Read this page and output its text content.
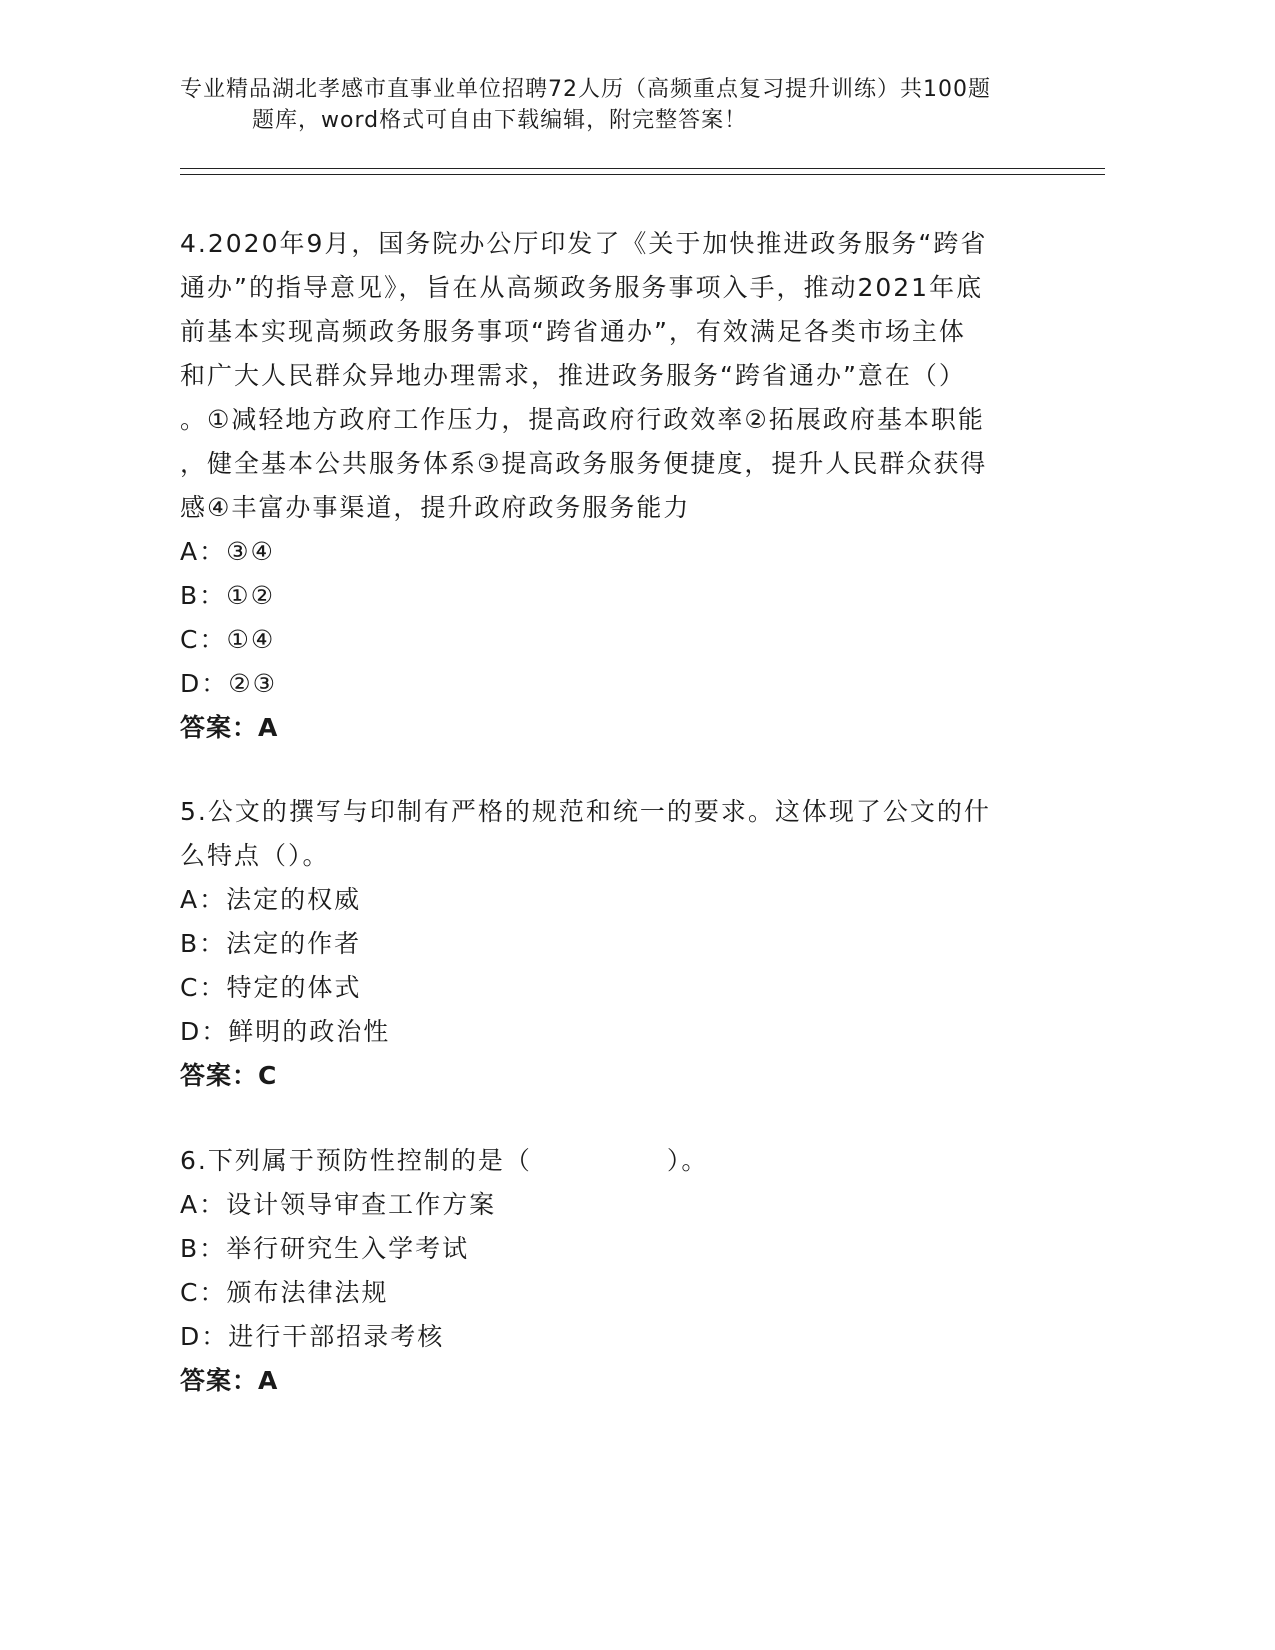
专业精品湖北孝感市直事业单位招聘72人历（高频重点复习提升训练）共100题
题库，word格式可自由下载编辑，附完整答案！

4.2020年9月，国务院办公厅印发了《关于加快推进政务服务“跨省

通办”的指导意见》，旨在从高频政务服务事项入手，推动2021年底

前基本实现高频政务服务事项“跨省通办”，有效满足各类市场主体

和广大人民群众异地办理需求，推进政务服务“跨省通办”意在（）

。①减轻地方政府工作压力，提高政府行政效率②拓展政府基本职能

，健全基本公共服务体系③提高政务服务便捷度，提升人民群众获得

感④丰富办事渠道，提升政府政务服务能力

A：③④

B：①②

C：①④

D：②③

答案：A

5.公文的撰写与印制有严格的规范和统一的要求。这体现了公文的什

么特点（）。

A：法定的权威

B：法定的作者

C：特定的体式

D：鲜明的政治性

答案：C

6.下列属于预防性控制的是（　　　　　）。

A：设计领导审查工作方案

B：举行研究生入学考试

C：颁布法律法规

D：进行干部招录考核

答案：A
